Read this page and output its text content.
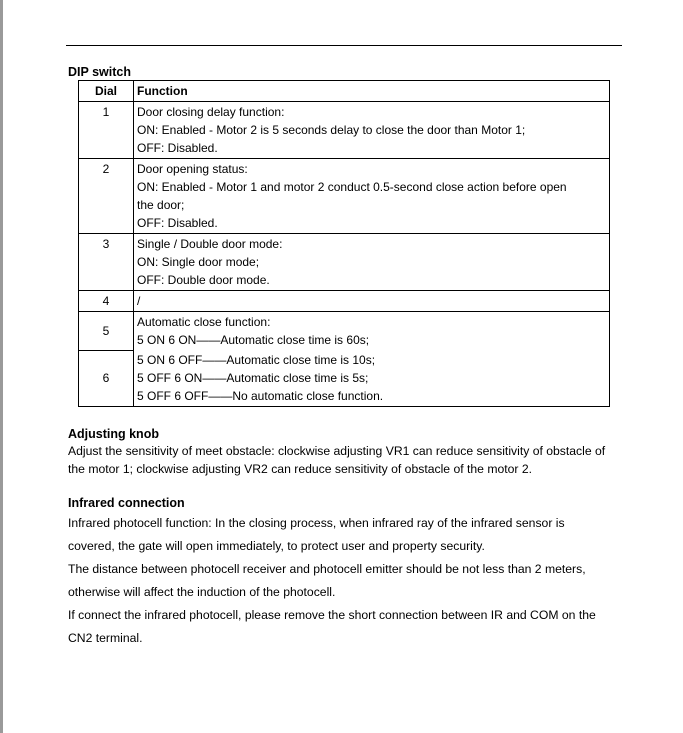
DIP switch
Dial	Function
1	Door closing delay function:
ON: Enabled - Motor 2 is 5 seconds delay to close the door than Motor 1;
OFF: Disabled.

2	Door opening status:
ON: Enabled - Motor 1 and motor 2 conduct 0.5-second close action before open
the door;
OFF: Disabled.

3	Single / Double door mode:
ON: Single door mode;
OFF: Double door mode.

4	/

5	Automatic close function:
5 ON 6 ON——Automatic close time is 60s;

6	5 ON 6 OFF——Automatic close time is 10s;
5 OFF 6 ON——Automatic close time is 5s;
5 OFF 6 OFF——No automatic close function.
Adjusting knob
Adjust the sensitivity of meet obstacle: clockwise adjusting VR1 can reduce sensitivity of obstacle of
the motor 1; clockwise adjusting VR2 can reduce sensitivity of obstacle of the motor 2.
Infrared connection
Infrared photocell function: In the closing process, when infrared ray of the infrared sensor is
covered, the gate will open immediately, to protect user and property security.
The distance between photocell receiver and photocell emitter should be not less than 2 meters,
otherwise will affect the induction of the photocell.
If connect the infrared photocell, please remove the short connection between IR and COM on the
CN2 terminal.
